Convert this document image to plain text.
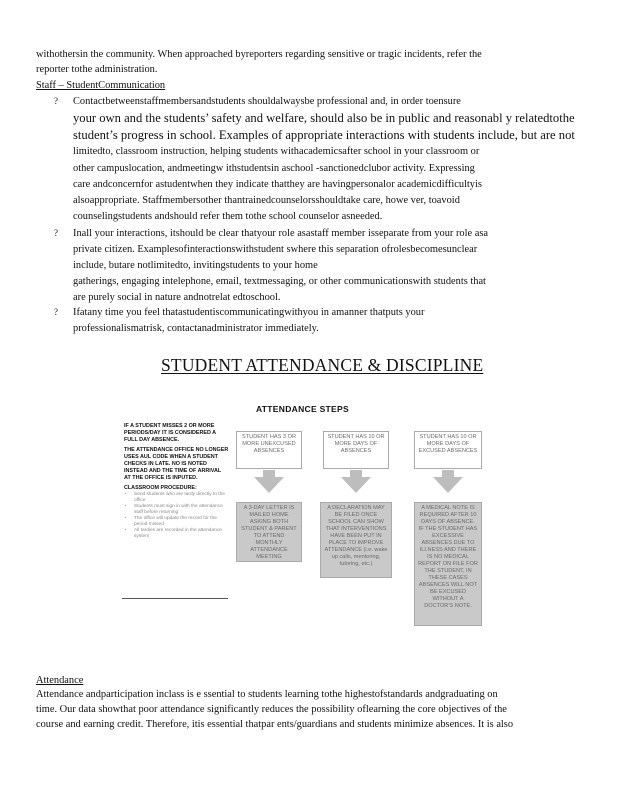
withothersin the community. When approached byreporters regarding sensitive or tragic incidents, refer the
reporter tothe administration.
Staff – StudentCommunication
? Contactbetweenstaffmembersandstudents shouldalwaysbe professional and, in order toensure
your own and the students’ safety and welfare, should also be in public and reasonabl y relatedtothe
student’s progress in school. Examples of appropriate interactions with students include, but are not
limitedto, classroom instruction, helping students withacademicsafter school in your classroom or
other campuslocation, andmeetingw ithstudentsin aschool -sanctionedclubor activity. Expressing
care andconcernfor astudentwhen they indicate thatthey are havingpersonalor academicdifficultyis
alsoappropriate. Staffmembersother thantrainedcounselorsshouldtake care, howe ver, toavoid
counselingstudents andshould refer them tothe school counselor asneeded.
? Inall your interactions, itshould be clear thatyour role asastaff member isseparate from your role asa
private citizen. Examplesofinteractionswithstudent swhere this separation ofrolesbecomesunclear
include, butare notlimitedto, invitingstudents to your home
gatherings, engaging intelephone, email, textmessaging, or other communicationswith students that
are purely social in nature andnotrelat edtoschool.
? Ifatany time you feel thatastudentiscommunicatingwithyou in amanner thatputs your
professionalismatrisk, contactanadministrator immediately.
STUDENT ATTENDANCE & DISCIPLINE
ATTENDANCE STEPS
IF A STUDENT MISSES 2 OR MORE PERIODS/DAY IT IS CONSIDERED A FULL DAY ABSENCE.
THE ATTENDANCE OFFICE NO LONGER USES AUL CODE WHEN A STUDENT CHECKS IN LATE. NO IS NOTED INSTEAD AND THE TIME OF ARRIVAL AT THE OFFICE IS INPUTED.
CLASSROOM PROCEDURE:
• Send students who are tardy directly to the office
• Students must sign in with the attendance staff before returning
• The office will update the record for the period missed
• All tardies are recorded in the attendance system
STUDENT HAS 3 OR MORE UNEXCUSED ABSENCES
STUDENT HAS 10 OR MORE DAYS OF ABSENCES
STUDENT HAS 10 OR MORE DAYS OF EXCUSED ABSENCES
A 3-DAY LETTER IS MAILED HOME ASKING BOTH STUDENT & PARENT TO ATTEND MONTHLY ATTENDANCE MEETING
A DECLARATION MAY BE FILED ONCE SCHOOL CAN SHOW THAT INTERVENTIONS HAVE BEEN PUT IN PLACE TO IMPROVE ATTENDANCE (i.e. wake up calls, mentoring, tutoring, etc.)
A MEDICAL NOTE IS REQUIRED AFTER 10 DAYS OF ABSENCE. IF THE STUDENT HAS EXCESSIVE ABSENCES DUE TO ILLNESS AND THERE IS NO MEDICAL REPORT ON FILE FOR THE STUDENT, IN THESE CASES ABSENCES WILL NOT BE EXCUSED WITHOUT A DOCTOR'S NOTE.
Attendance
Attendance andparticipation inclass is e ssential to students learning tothe highestofstandards andgraduating on
time. Our data showthat poor attendance significantly reduces the possibility oflearning the core objectives of the
course and earning credit. Therefore, itis essential thatpar ents/guardians and students minimize absences. It is also
